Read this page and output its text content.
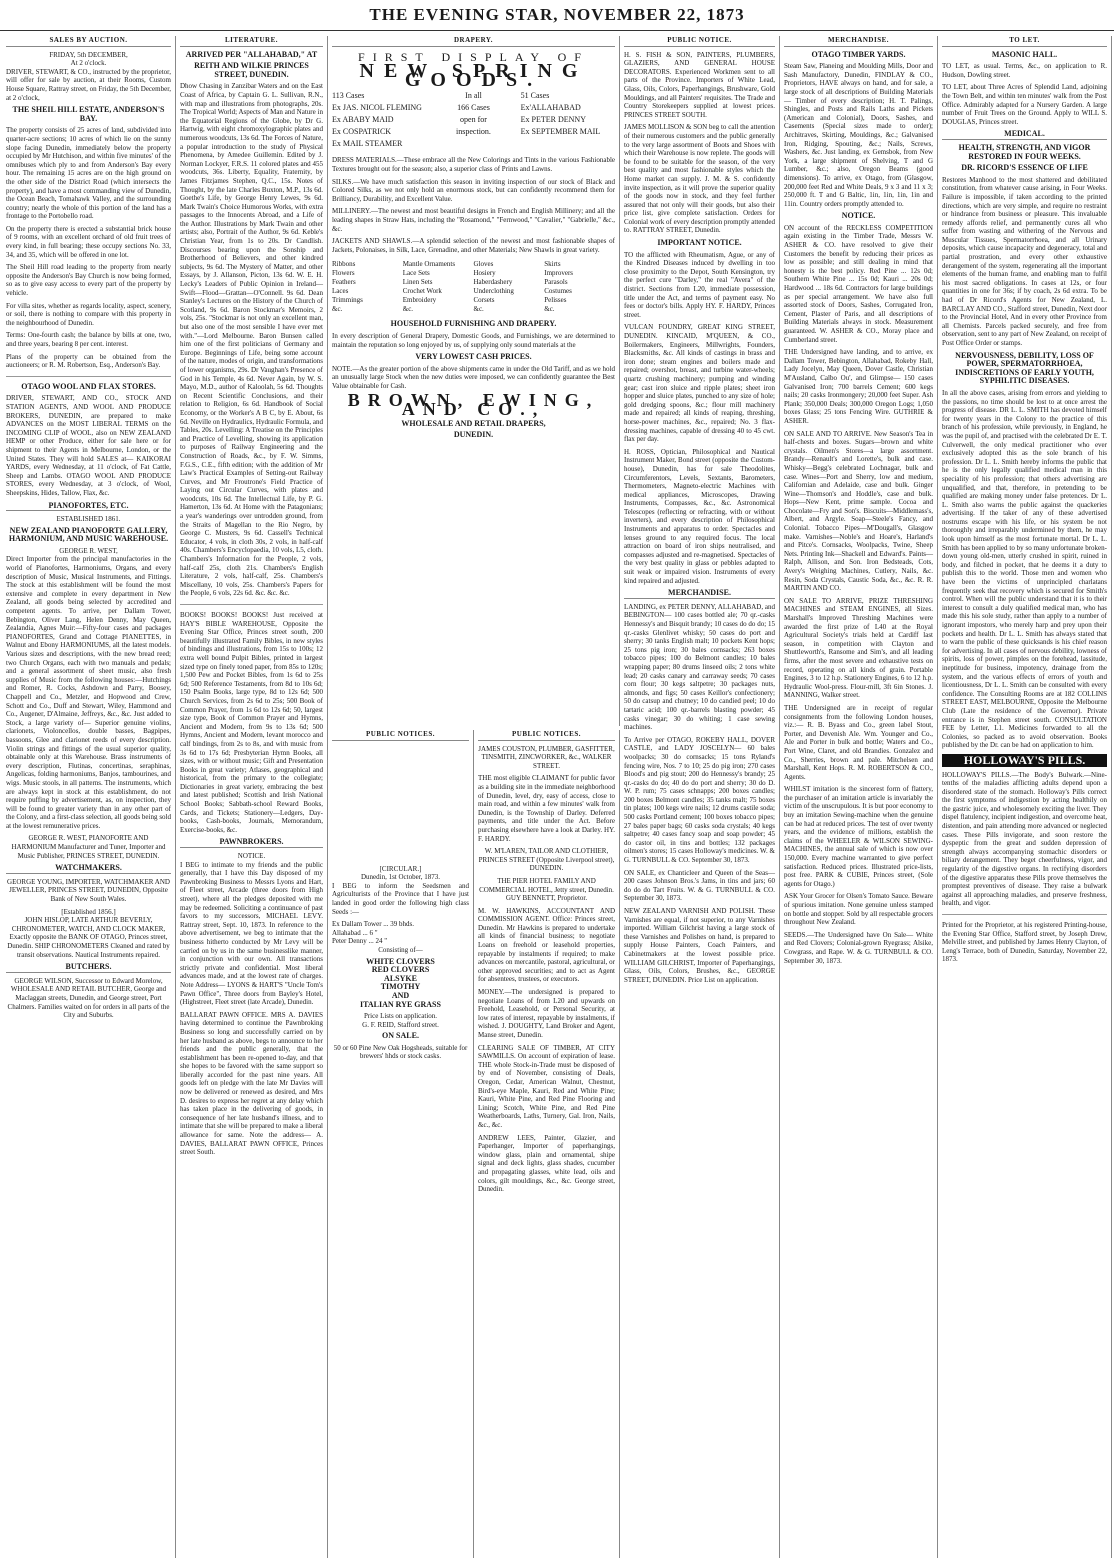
THE EVENING STAR, NOVEMBER 22, 1873
SALES BY AUCTION.
FRIDAY, 5th DECEMBER,
At 2 o'clock.

DRIVER, STEWART, & CO., instructed by the proprietor, will offer for sale by auction, at their Rooms, Custom House Square, Rattray street, on Friday, the 5th December, at 2 o'clock,

THE SHEIL HILL ESTATE, ANDERSON'S BAY.

The property consists of 25 acres of land, subdivided into quarter-acre sections; 10 acres of which lie on the sunny slope facing Dunedin, immediately below the property occupied by Mr Hutchison, and within five minutes' of the omnibuses which ply to and from Anderson's Bay every hour. The remaining 15 acres are on the high ground on the other side of the District Road (which intersects the property), and have a most commanding view of Dunedin, the Ocean Beach, Tomahawk Valley, and the surrounding country; nearly the whole of this portion of the land has a frontage to the Portobello road.

On the property there is erected a substantial brick house of 9 rooms, with an excellent orchard of old fruit trees of every kind, in full bearing; these occupy sections No. 33, 34, and 35, which will be offered in one lot.

The Sheil Hill road leading to the property from nearly opposite the Anderson's Bay Church is now being formed, so as to give easy access to every part of the property by vehicle.

For villa sites, whether as regards locality, aspect, scenery, or soil, there is nothing to compare with this property in the neighbourhood of Dunedin.

Terms: One-fourth cash; the balance by bills at one, two, and three years, bearing 8 per cent. interest.

Plans of the property can be obtained from the auctioneers; or R. M. Robertson, Esq., Anderson's Bay.

OTAGO WOOL AND FLAX STORES.

DRIVER, STEWART, AND CO., STOCK AND STATION AGENTS, AND WOOL AND PRODUCE BROKERS, DUNEDIN, are prepared to make ADVANCES on the MOST LIBERAL TERMS on the INCOMING CLIP of WOOL, also on NEW ZEALAND HEMP or other Produce, either for sale here or for shipment to their Agents in Melbourne, London, or the United States. They will hold SALES at— KAIKORAI YARDS, every Wednesday, at 11 o'clock, of Fat Cattle, Sheep and Lambs. OTAGO WOOL AND PRODUCE STORES, every Wednesday, at 3 o'clock, of Wool, Sheepskins, Hides, Tallow, Flax, &c.

PIANOFORTES, ETC.
ESTABLISHED 1861.
NEW ZEALAND PIANOFORTE GALLERY, HARMONIUM, AND MUSIC WAREHOUSE.
GEORGE R. WEST,

Direct Importer from the principal manufactories in the world of Pianofortes, Harmoniums, Organs, and every description of Music, Musical Instruments, and Fittings. The stock at this establishment will be found the most extensive and complete in every department in New Zealand, all goods being selected by accredited and competent agents. To arrive, per Dallam Tower, Bebington, Oliver Lang, Helen Denny, May Queen, Zealandia, Agnes Muir:—Fifty-four cases and packages PIANOFORTES, Grand and Cottage PIANETTES, in Walnut and Ebony HARMONIUMS, all the latest models. Various sizes and descriptions, with the new bread reed; two Church Organs, each with two manuals and pedals; and a general assortment of sheet music, also fresh supplies of Music from the following houses:—Hutchings and Romer, R. Cocks, Ashdown and Parry, Boosey, Chappell and Co., Metzler, and Hopwood and Crew, Schott and Co., Duff and Stewart, Wiley, Hammond and Co., Augener, D'Almaine, Jeffreys, &c., &c. Just added to Stock, a large variety of— Superior genuine violins, clarionets, Violoncellos, double basses, Bagpipes, bassoons, Glee and clarionet reeds of every description. Violin strings and fittings of the usual superior quality, obtainable only at this Warehouse. Brass instruments of every description, Flutinas, concertinas, seraphinas, Angelicas, folding harmoniums, Banjos, tambourines, and wigs. Music stools, in all patterns. The instruments, which are always kept in stock at this establishment, do not require puffing by advertisement, as, on inspection, they will be found to greater variety than in any other part of the Colony, and a first-class selection, all goods being sold at the lowest remunerative prices.

GEORGE R. WEST, PIANOFORTE AND HARMONIUM Manufacturer and Tuner, Importer and Music Publisher, PRINCES STREET, DUNEDIN.

WATCHMAKERS.

GEORGE YOUNG, IMPORTER, WATCHMAKER AND JEWELLER, PRINCES STREET, DUNEDIN, Opposite Bank of New South Wales.

[Established 1856.]

JOHN HISLOP, LATE ARTHUR BEVERLY, CHRONOMETER, WATCH, AND CLOCK MAKER, Exactly opposite the BANK OF OTAGO, Princes street, Dunedin. SHIP CHRONOMETERS Cleaned and rated by transit observations. Nautical Instruments repaired.

BUTCHERS.

GEORGE WILSON, Successor to Edward Morelow, WHOLESALE AND RETAIL BUTCHER, George and Maclaggan streets, Dunedin, and George street, Port Chalmers. Families waited on for orders in all parts of the City and Suburbs.

LITERATURE.
ARRIVED PER "ALLAHABAD," AT
REITH AND WILKIE PRINCES STREET, DUNEDIN.

Dhow Chasing in Zanzibar Waters and on the East Coast of Africa, by Captain G. L. Sullivan, R.N., with map and illustrations from photographs, 20s. The Tropical World; Aspects of Man and Nature in the Equatorial Regions of the Globe, by Dr G. Hartwig, with eight chromoxylographic plates and numerous woodcuts, 13s 6d. The Forces of Nature, a popular introduction to the study of Physical Phenomena, by Amedee Guillemin. Edited by J. Norman Lockyer, F.R.S. 11 colored plates and 455 woodcuts, 36s. Liberty, Equality, Fraternity, by James Fitzjames Stephen, Q.C., 15s. Notes of Thought, by the late Charles Buxton, M.P., 13s 6d. Goethe's Life, by George Henry Lewes, 9s 6d. Mark Twain's Choice Humorous Works, with extra passages to the Innocents Abroad, and a Life of the Author. Illustrations by Mark Twain and other artists; also, Portrait of the Author, 9s 6d. Keble's Christian Year, from 1s to 20s. Dr Candlish. Discourses bearing upon the Sonship and Brotherhood of Believers, and other kindred subjects, 9s 6d. The Mystery of Matter, and other Essays, by J. Allanson, Picton, 13s 6d. W. E. H. Lecky's Leaders of Public Opinion in Ireland—Swift—Flood—Grattan—O'Connell. 9s 6d. Dean Stanley's Lectures on the History of the Church of Scotland, 9s 6d. Baron Stockmar's Memoirs, 2 vols, 25s. "Stockmar is not only an excellent man, but also one of the most sensible I have ever met with."—Lord Melbourne. Baron Bunsen called him one of the first politicians of Germany and Europe. Beginnings of Life, being some account of the nature, modes of origin, and transformations of lower organisms, 29s. Dr Vaughan's Presence of God in his Temple, 4s 6d. Never Again, by W. S. Mayo, M.D., author of Kaloolah, 5s 6d. Thoughts on Recent Scientific Conclusions, and their relation to Religion, 6s 6d. Handbook of Social Economy, or the Worker's A B C, by E. About, 6s 6d. Neville on Hydraulics, Hydraulic Formula, and Tables, 20s. Levelling: A Treatise on the Principles and Practice of Levelling, showing its application to purposes of Railway Engineering and the Construction of Roads, &c., by F. W. Simms, F.G.S., C.E., fifth edition; with the addition of Mr Law's Practical Examples of Setting-out Railway Curves, and Mr Froutrone's Field Practice of Laying out Circular Curves, with plates and woodcuts, 10s 6d. The Intellectual Life, by P. G. Hamerton, 13s 6d. At Home with the Patagonians; a year's wanderings over untrodden ground, from the Straits of Magellan to the Rio Negro, by George C. Musters, 9s 6d. Cassell's Technical Educator, 4 vols, in cloth 30s, 2 vols, in half-calf 40s. Chambers's Encyclopaedia, 10 vols, L5, cloth. Chambers's Information for the People, 2 vols, half-calf 25s, cloth 21s. Chambers's English Literature, 2 vols, half-calf, 25s. Chambers's Miscellany, 10 vols, 25s. Chambers's Papers for the People, 6 vols, 22s 6d. &c. &c. &c.

BOOKS! BOOKS! BOOKS! Just received at HAY'S BIBLE WAREHOUSE, Opposite the Evening Star Office, Princes street south, 200 beautifully illustrated Family Bibles, in new styles of bindings and illustrations, from 15s to 100s; 12 extra well bound Pulpit Bibles, printed in largest sized type on finely toned paper, from 85s to 120s; 1,500 Pew and Pocket Bibles, from 1s 6d to 25s 6d; 500 Reference Testaments, from 8d to 10s 6d; 150 Psalm Books, large type, 8d to 12s 6d; 500 Church Services, from 2s 6d to 25s; 500 Book of Common Prayer, from 1s 6d to 12s 6d; 50, largest size type, Book of Common Prayer and Hymns, Ancient and Modern, from 9s to 13s 6d; 500 Hymns, Ancient and Modern, levant morocco and calf bindings, from 2s to 8s, and with music from 3s 6d to 17s 6d; Presbyterian Hymn Books, all sizes, with or without music; Gift and Presentation Books in great variety; Atlases, geographical and historical, from the primary to the collegiate; Dictionaries in great variety, embracing the best and latest published; Scottish and Irish National School Books; Sabbath-school Reward Books, Cards, and Tickets; Stationery—Ledgers, Day-books, Cash-books, Journals, Memorandum, Exercise-books, &c.

PAWNBROKERS.
NOTICE.

I BEG to intimate to my friends and the public generally, that I have this Day disposed of my Pawnbroking Business to Messrs Lyons and Hart, of Fleet street, Arcade (three doors from High street), where all the pledges deposited with me may be redeemed. Soliciting a continuance of past favors to my successors, MICHAEL LEVY. Rattray street, Sept. 10, 1873. In reference to the above advertisement, we beg to intimate that the business hitherto conducted by Mr Levy will be carried on by us in the same businesslike manner, in conjunction with our own. All transactions strictly private and confidential. Most liberal advances made, and at the lowest rate of charges. Note Address— LYONS & HART'S "Uncle Tom's Pawn Office", Three doors from Bayley's Hotel, (Highstreet, Fleet street (late Arcade), Dunedin.

BALLARAT PAWN OFFICE. MRS A. DAVIES having determined to continue the Pawnbroking Business so long and successfully carried on by her late husband as above, begs to announce to her friends and the public generally, that the establishment has been re-opened to-day, and that she hopes to be favored with the same support so liberally accorded for the past nine years. All goods left on pledge with the late Mr Davies will now be delivered or renewed as desired, and Mrs D. desires to express her regret at any delay which has taken place in the delivering of goods, in consequence of her late husband's illness, and to intimate that she will be prepared to make a liberal allowance for same. Note the address— A. DAVIES, BALLARAT PAWN OFFICE, Princes street South.

DRAPERY.
FIRST DISPLAY OF
NEW SPRING GOODS.
113 Cases
Ex JAS. NICOL FLEMING
Ex ABABY MAID
Ex COSPATRICK
Ex MAIL STEAMER
In all
166 Cases
open for
inspection.
51 Cases
Ex'ALLAHABAD
Ex PETER DENNY
Ex SEPTEMBER MAIL

DRESS MATERIALS.—These embrace all the New Colorings and Tints in the various Fashionable Textures brought out for the season; also, a superior class of Prints and Lawns.

SILKS.—We have much satisfaction this season in inviting inspection of our stock of Black and Colored Silks, as we not only hold an enormous stock, but can confidently recommend them for Brilliancy, Durability, and Excellent Value.

MILLINERY.—The newest and most beautiful designs in French and English Millinery; and all the leading shapes in Straw Hats, including the "Rosamond," "Fernwood," "Cavalier," "Gabrielle," &c., &c.

JACKETS AND SHAWLS.—A splendid selection of the newest and most fashionable shapes of Jackets, Polonaises, in Silk, Lace, Grenadine, and other Materials; New Shawls in great variety.

Ribbons
Flowers
Feathers
Laces
Trimmings
&c.
Mantle Ornaments
Lace Sets
Linen Sets
Crochet Work
Embroidery
&c.
Gloves
Hosiery
Haberdashery
Underclothing
Corsets
&c.
Skirts
Improvers
Parasols
Costumes
Pelisses
&c.
HOUSEHOLD FURNISHING AND DRAPERY.

In every description of General Drapery, Domestic Goods, and Furnishings, we are determined to maintain the reputation so long enjoyed by us, of supplying only sound materials at the

VERY LOWEST CASH PRICES.

NOTE.—As the greater portion of the above shipments came in under the Old Tariff, and as we hold an unusually large Stock when the new duties were imposed, we can confidently guarantee the Best Value obtainable for Cash.

BROWN, EWING, AND CO.,
WHOLESALE AND RETAIL DRAPERS,
DUNEDIN.
PUBLIC NOTICES.
[CIRCULAR.]
Dunedin, 1st October, 1873.

I BEG to inform the Seedsmen and Agriculturists of the Province that I have just landed in good order the following high class Seeds :—

Ex Dallam Tower ... 39 bhds.
Allahabad ... 6 "
Peter Denny ... 24 "
Consisting of—
WHITE CLOVERS
RED CLOVERS
ALSYKE
TIMOTHY
AND
ITALIAN RYE GRASS
Price Lists on application.
G. F. REID, Stafford street.
ON SALE.

50 or 60 Pine New Oak Hogsheads, suitable for brewers' hhds or stock casks.

PUBLIC NOTICES.

JAMES COUSTON, PLUMBER, GASFITTER, TINSMITH, ZINCWORKER, &c., WALKER STREET.

THE most eligible CLAIMANT for public favor as a building site in the immediate neighborhood of Dunedin, level, dry, easy of access, close to main road, and within a few minutes' walk from Dunedin, is the Township of Darley. Deferred payments, and title under the Act. Before purchasing elsewhere have a look at Darley. HY. F. HARDY.

W. M'LAREN, TAILOR AND CLOTHIER, PRINCES STREET (Opposite Liverpool street), DUNEDIN.

THE PIER HOTEL FAMILY AND COMMERCIAL HOTEL, Jetty street, Dunedin. GUY BENNETT, Proprietor.

M. W. HAWKINS, ACCOUNTANT AND COMMISSION AGENT. Office: Princes street, Dunedin. Mr Hawkins is prepared to undertake all kinds of financial business; to negotiate Loans on freehold or leasehold properties, repayable by instalments if required; to make advances on mercantile, pastoral, agricultural, or other approved securities; and to act as Agent for absentees, trustees, or executors.

MONEY.—The undersigned is prepared to negotiate Loans of from L20 and upwards on Freehold, Leasehold, or Personal Security, at low rates of interest, repayable by instalments, if wished. J. DOUGHTY, Land Broker and Agent, Manse street, Dunedin.

CLEARING SALE OF TIMBER, AT CITY SAWMILLS. On account of expiration of lease. THE whole Stock-in-Trade must be disposed of by end of November, consisting of Deals, Oregon, Cedar, American Walnut, Chestnut, Bird's-eye Maple, Kauri, Red and White Pine; Kauri, White Pine, and Red Pine Flooring and Lining; Scotch, White Pine, and Red Pine Weatherboards, Laths, Turnery, Gal. Iron, Nails, &c., &c.

ANDREW LEES, Painter, Glazier, and Paperhanger, Importer of paperhangings, window glass, plain and ornamental, shipe signal and deck lights, glass shades, cucumber and propagating glasses, white lead, oils and colors, gilt mouldings, &c., &c. George street, Dunedin.

PUBLIC NOTICE.

H. S. FISH & SON, PAINTERS, PLUMBERS, GLAZIERS, AND GENERAL HOUSE DECORATORS. Experienced Workmen sent to all parts of the Province. Importers of White Lead, Glass, Oils, Colors, Paperhangings, Brushware, Gold Mouldings, and all Painters' requisites. The Trade and Country Storekeepers supplied at lowest prices. PRINCES STREET SOUTH.

JAMES MOLLISON & SON beg to call the attention of their numerous customers and the public generally to the very large assortment of Boots and Shoes with which their Warehouse is now replete. The goods will be found to be suitable for the season, of the very best quality and most fashionable styles which the Home market can supply. J. M. & S. confidently invite inspection, as it will prove the superior quality of the goods now in stock, and they feel further assured that not only will their goods, but also their price list, give complete satisfaction. Orders for Colonial work of every description promptly attended to. RATTRAY STREET, Dunedin.

IMPORTANT NOTICE.

TO the afflicted with Rheumatism, Ague, or any of the Kindred Diseases induced by dwelling in too close proximity to the Depot, South Kensington, try the perfect cure "Darley," the real "Avera" of the district. Sections from L20, immediate possession, title under the Act, and terms of payment easy. No fees or doctor's bills. Apply HY. F. HARDY, Princes street.

VULCAN FOUNDRY, GREAT KING STREET, DUNEDIN. KINCAID, M'QUEEN, & CO., Boilermakers, Engineers, Millwrights, Founders, Blacksmiths, &c. All kinds of castings in brass and iron done; steam engines and boilers made and repaired; overshot, breast, and turbine water-wheels; quartz crushing machinery; pumping and winding gear; cast iron sluice and ripple plates; sheet iron hopper and sluice plates, punched to any size of hole; gold dredging spoons, &c.; flour mill machinery made and repaired; all kinds of reaping, threshing, horse-power machines, &c., repaired; No. 3 flax-dressing machines, capable of dressing 40 to 45 cwt. flax per day.

H. ROSS, Optician, Philosophical and Nautical Instrument Maker, Bond street (opposite the Custom-house), Dunedin, has for sale Theodolites, Circumferentors, Levels, Sextants, Barometers, Thermometers, Magneto-electric Machines with medical appliances, Microscopes, Drawing Instruments, Compasses, &c., &c. Astronomical Telescopes (reflecting or refracting, with or without inverters), and every description of Philosophical Instruments and apparatus to order. Spectacles and lenses ground to any required focus. The local attraction on board of iron ships neutralised, and compasses adjusted and re-magnetised. Spectacles of the very best quality in glass or pebbles adapted to suit weak or impaired vision. Instruments of every kind repaired and adjusted.

MERCHANDISE.

LANDING, ex PETER DENNY, ALLAHABAD, and BEBINGTON— 100 cases bottled ale; 70 qr.-casks Hennessy's and Bisquit brandy; 10 cases do do do; 15 qr.-casks Glenlivet whisky; 50 cases do port and sherry; 30 tanks English malt; 10 pockets Kent hops; 25 tons pig iron; 30 bales cornsacks; 263 boxes tobacco pipes; 100 do Belmont candles; 10 bales wrapping paper; 80 drums linseed oils; 2 tons white lead; 20 casks canary and carraway seeds; 70 cases corn flour; 30 kegs saltpetre; 30 packages nuts, almonds, and figs; 50 cases Keillor's confectionery; 50 do catsup and chutney; 10 do candied peel; 10 do tartaric acid; 100 qr.-barrels blasting powder; 45 casks vinegar; 30 do whiting; 1 case sewing machines.

To Arrive per OTAGO, ROKEBY HALL, DOVER CASTLE, and LADY JOSCELYN— 60 bales woolpacks; 30 do cornsacks; 15 tons Ryland's fencing wire, Nos. 7 to 10; 25 do pig iron; 270 cases Blood's and pig stout; 200 do Hennessy's brandy; 25 qr.-casks do do; 40 do do port and sherry; 30 do D. W. P. rum; 75 cases schnapps; 200 boxes candles; 200 boxes Belmont candles; 35 tanks malt; 75 boxes tin plates; 100 kegs wire nails; 12 drums castile soda; 500 casks Portland cement; 100 boxes tobacco pipes; 27 bales paper bags; 60 casks soda crystals; 40 kegs saltpetre; 40 cases fancy soap and soap powder; 45 do castor oil, in tins and bottles; 132 packages oilmen's stores; 15 cases Holloway's medicines. W. & G. TURNBULL & CO. September 30, 1873.

ON SALE, ex Chanticleer and Queen of the Seas— 200 cases Johnson Bros.'s Jams, in tins and jars; 60 do do do Tart Fruits. W. & G. TURNBULL & CO. September 30, 1873.

NEW ZEALAND VARNISH AND POLISH. These Varnishes are equal, if not superior, to any Varnishes imported. William Gilchrist having a large stock of these Varnishes and Polishes on hand, is prepared to supply House Painters, Coach Painters, and Cabinetmakers at the lowest possible price. WILLIAM GILCHRIST, Importer of Paperhangings, Glass, Oils, Colors, Brushes, &c., GEORGE STREET, DUNEDIN. Price List on application.

MERCHANDISE.
OTAGO TIMBER YARDS.

Steam Saw, Planeing and Moulding Mills, Door and Sash Manufactory, Dunedin, FINDLAY & CO., Proprietors, HAVE always on hand, and for sale, a large stock of all descriptions of Building Materials— Timber of every description; H. T. Palings, Shingles, and Posts and Rails Laths and Pickets (American and Colonial), Doors, Sashes, and Casements (Special sizes made to order); Architraves, Skirting, Mouldings, &c.; Galvanised Iron, Ridging, Spouting, &c.; Nails, Screws, Washers, &c. Just landing, ex Gemsbok, from New York, a large shipment of Shelving, T and G Lumber, &c.; also, Oregon Beams (good dimensions). To arrive, ex Otago, from (Glasgow, 200,000 feet Red and White Deals, 9 x 3 and 11 x 3; 250,000 ft. T and G Baltic, 1in, 1in, 1in, 1in and 11in. Country orders promptly attended to.

NOTICE.

ON account of the RECKLESS COMPETITION again existing in the Timber Trade, Messrs W. ASHER & CO. have resolved to give their Customers the benefit by reducing their prices as low as possible; and still dealing in mind that honesty is the best policy. Red Pine ... 12s 0d; Southern White Pine ... 15s 0d; Kauri ... 20s 0d; Hardwood ... 18s 6d. Contractors for large buildings as per special arrangement. We have also full assorted stock of Doors, Sashes, Corrugated Iron, Cement, Plaster of Paris, and all descriptions of Building Materials always in stock. Measurement guaranteed. W. ASHER & CO., Moray place and Cumberland street.

THE Undersigned have landing, and to arrive, ex Dallam Tower, Bebington, Allahabad, Rokeby Hall, Lady Jocelyn, May Queen, Dover Castle, Christian M'Ausland, Calbo Ou', and Glimpse— 150 cases Galvanised Iron; 700 barrels Cement; 600 kegs nails; 20 casks Ironmongery; 20,000 feet Super. Ash Plank; 350,000 Deals; 300,000 Oregon Logs; 1,050 boxes Glass; 25 tons Fencing Wire. GUTHRIE & ASHER.

ON SALE AND TO ARRIVE. New Season's Tea in half-chests and boxes. Sugars—brown and white crystals. Oilmen's Stores—a large assortment. Brandy—Renault's and Lorette's, bulk and case. Whisky—Begg's celebrated Lochnagar, bulk and case. Wines—Port and Sherry, low and medium, Californian and Adelaide, case and bulk. Ginger Wine—Thomson's and Hoddle's, case and bulk. Hops—New Kent, prime sample. Cocoa and Chocolate—Fry and Son's. Biscuits—Middlemass's, Albert, and Argyle. Soap—Steele's Fancy, and Colonial. Tobacco Pipes—M'Dougall's, Glasgow make. Varnishes—Noble's and Hoare's, Harland's and Pitce's. Cornsacks, Woolpacks, Twine, Sheep Nets. Printing Ink—Shackell and Edward's. Paints—Ralph, Allison, and Son. Iron Bedsteads, Cots, Avery's Weighing Machines, Cutlery, Nails, &c. Resin, Soda Crystals, Caustic Soda, &c., &c. R. R. MARTIN AND CO.

ON SALE TO ARRIVE, PRIZE THRESHING MACHINES and STEAM ENGINES, all Sizes. Marshall's Improved Threshing Machines were awarded the first prize of L40 at the Royal Agricultural Society's trials held at Cardiff last season, in competition with Clayton and Shuttleworth's, Ransome and Sim's, and all leading firms, after the most severe and exhaustive tests on record, operating on all kinds of grain. Portable Engines, 3 to 12 h.p. Stationery Engines, 6 to 12 h.p. Hydraulic Wool-press. Flour-mill, 3ft 6in Stones. J. MANNING, Walker street.

THE Undersigned are in receipt of regular consignments from the following London houses, viz.:— R. B. Byass and Co., green label Stout, Porter, and Devenish Ale. Wm. Younger and Co., Ale and Porter in bulk and bottle; Waters and Co., Port Wine, Claret, and old Brandies. Gonzalez and Co., Sherries, brown and pale. Mitchelsen and Marshall, Kent Hops. R. M. ROBERTSON & CO., Agents.

WHILST imitation is the sincerest form of flattery, the purchaser of an imitation article is invariably the victim of the unscrupulous. It is but poor economy to buy an imitation Sewing-machine when the genuine can be had at reduced prices. The test of over twenty years, and the evidence of millions, establish the claims of the WHEELER & WILSON SEWING-MACHINES, the annual sale of which is now over 150,000. Every machine warranted to give perfect satisfaction. Reduced prices. Illustrated price-lists, post free. PARK & CUBIE, Princes street, (Sole agents for Otago.)

ASK Your Grocer for Olsen's Tomato Sauce. Beware of spurious imitation. None genuine unless stamped on bottle and stopper. Sold by all respectable grocers throughout New Zealand.

SEEDS.—The Undersigned have On Sale— White and Red Clovers; Colonial-grown Ryegrass; Alsike, Cowgrass, and Rape. W. & G. TURNBULL & CO. September 30, 1873.

TO LET.
MASONIC HALL.

TO LET, as usual. Terms, &c., on application to R. Hudson, Dowling street.

TO LET, about Three Acres of Splendid Land, adjoining the Town Belt, and within ten minutes' walk from the Post Office. Admirably adapted for a Nursery Garden. A large number of Fruit Trees on the Ground. Apply to WILL S. DOUGLAS, Princes street.

MEDICAL.
HEALTH, STRENGTH, AND VIGOR RESTORED IN FOUR WEEKS.
DR. RICORD'S ESSENCE OF LIFE

Restores Manhood to the most shattered and debilitated constitution, from whatever cause arising, in Four Weeks. Failure is impossible, if taken according to the printed directions, which are very simple, and require no restraint or hindrance from business or pleasure. This invaluable remedy affords relief, and permanently cures all who suffer from wasting and withering of the Nervous and Muscular Tissues, Spermatorrhoea, and all Urinary deposits, which cause incapacity and degeneracy, total and partial prostration, and every other exhaustive derangement of the system, regenerating all the important elements of the human frame, and enabling man to fulfil his most sacred obligations. In cases at 12s, or four quantities in one for 36s; if by coach, 2s 6d extra. To be had of Dr Ricord's Agents for New Zealand, L. BARCLAY AND CO., Stafford street, Dunedin, Next door to the Provincial Hotel, And in every other Province from all Chemists. Parcels packed securely, and free from observation, sent to any part of New Zealand, on receipt of Post Office Order or stamps.

NERVOUSNESS, DEBILITY, LOSS OF POWER, SPERMATORRHOEA, INDISCRETIONS OF EARLY YOUTH, SYPHILITIC DISEASES.

In all the above cases, arising from errors and yielding to the passions, no time should be lost to at once arrest the progress of disease. DR L. L. SMITH has devoted himself for twenty years in the Colony to the practice of this branch of his profession, while previously, in England, he was the pupil of, and practised with the celebrated Dr E. T. Culverwell, the only medical practitioner who ever exclusively adopted this as the sole branch of his profession. Dr L. L. Smith hereby informs the public that he is the only legally qualified medical man in this speciality of his profession; that others advertising are unqualified, and that, therefore, in pretending to be qualified are making money under false pretences. Dr L. L. Smith also warns the public against the quackeries advertising. If the taker of any of these advertised nostrums escape with his life, or his system be not thoroughly and irreparably undermined by them, he may look upon himself as the most fortunate mortal. Dr L. L. Smith has been applied to by so many unfortunate broken-down young old-men, utterly crushed in spirit, ruined in body, and filched in pocket, that he deems it a duty to publish this to the world. Those men and women who have been the victims of unprincipled charlatans frequently seek that recovery which is secured for Smith's control. When will the public understand that it is to their interest to consult a duly qualified medical man, who has made this his sole study, rather than apply to a number of ignorant impostors, who merely harp and prey upon their pockets and health. Dr L. L. Smith has always stated that to warn the public of these quicksands is his chief reason for advertising. In all cases of nervous debility, lowness of spirits, loss of power, pimples on the forehead, lassitude, ineptitude for business, impotency, drainage from the system, and the various effects of errors of youth and licentiousness, Dr L. L. Smith can be consulted with every confidence. The Consulting Rooms are at 182 COLLINS STREET EAST, MELBOURNE, Opposite the Melbourne Club (Late the residence of the Governor). Private entrance is in Stephen street south. CONSULTATION FEE by Letter, L1. Medicines forwarded to all the Colonies, so packed as to avoid observation. Books published by the Dr. can be had on application to him.

HOLLOWAY'S PILLS.

HOLLOWAY'S PILLS.—The Body's Bulwark.—Nine-tenths of the maladies afflicting adults depend upon a disordered state of the stomach. Holloway's Pills correct the first symptoms of indigestion by acting healthily on the gastric juice, and wholesomely exciting the liver. They dispel flatulency, incipient indigestion, and overcome heat, distention, and pain attending more advanced or neglected cases. These Pills invigorate, and soon restore the dyspeptic from the great and sudden depression of strength always accompanying stomachic disorders or biliary derangement. They beget cheerfulness, vigor, and regularity of the digestive organs. In rectifying disorders of the digestive apparatus these Pills prove themselves the promptest preventives of disease. They raise a bulwark against all approaching maladies, and preserve freshness, health, and vigor.

Printed for the Proprietor, at his registered Printing-house, the Evening Star Office, Stafford street, by Joseph Drew, Melville street, and published by James Henry Clayton, of Leng's Terrace, both of Dunedin, Saturday, November 22, 1873.
